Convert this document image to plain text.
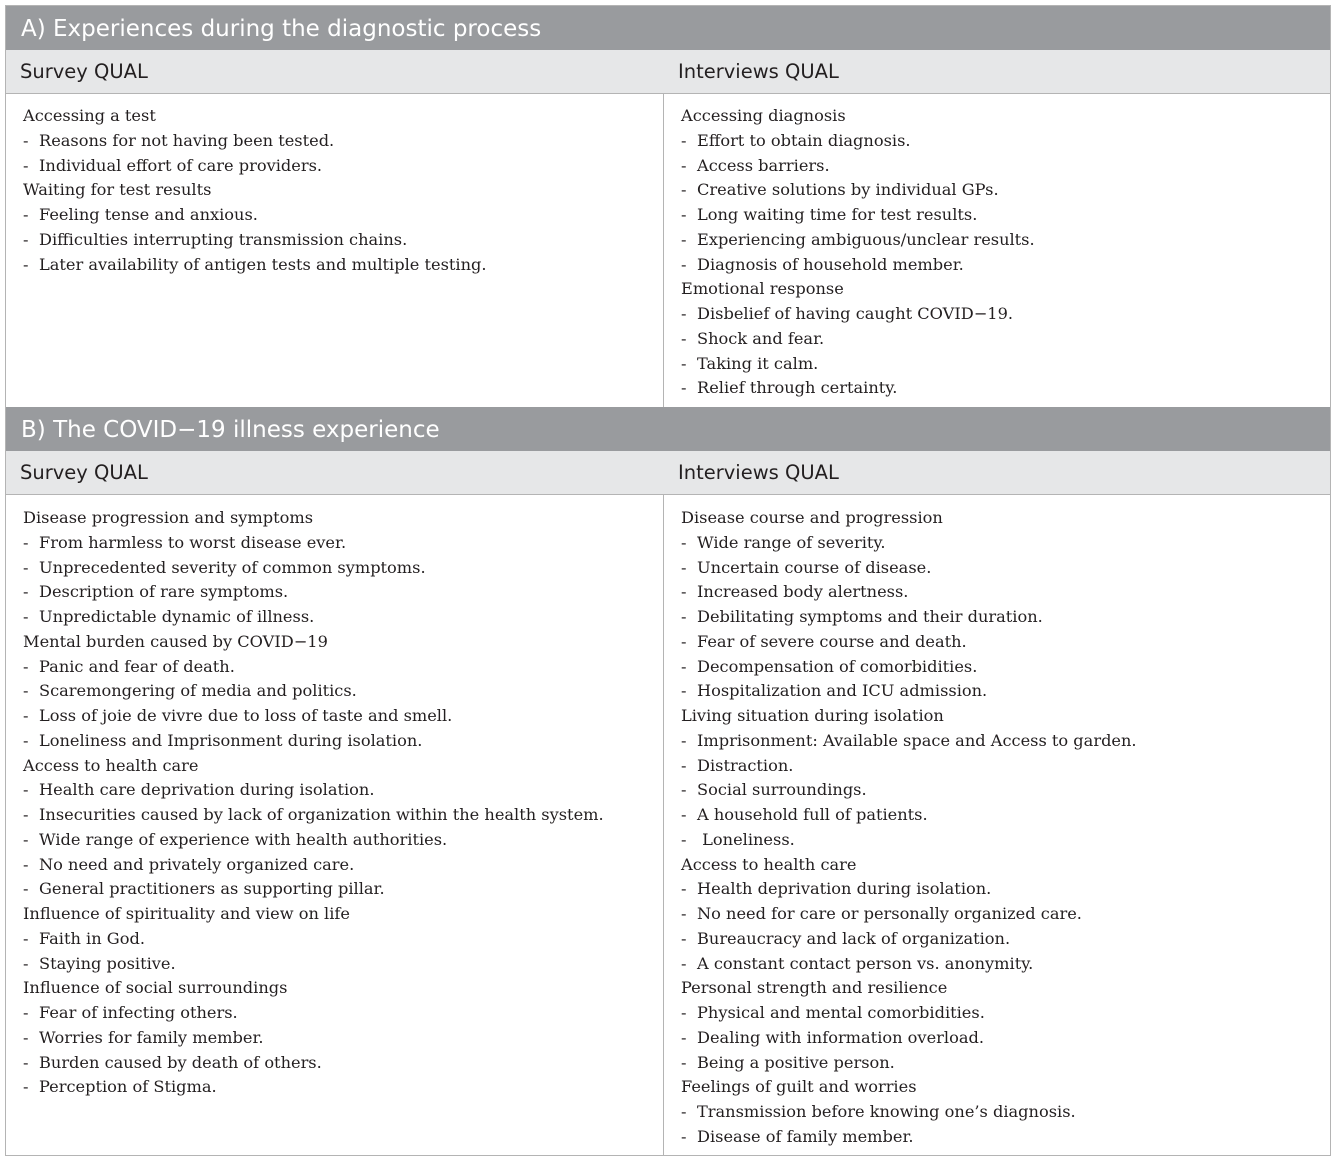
A) Experiences during the diagnostic process
Survey QUAL	Interviews QUAL
Accessing a test
- Reasons for not having been tested.
- Individual effort of care providers.
Waiting for test results
- Feeling tense and anxious.
- Difficulties interrupting transmission chains.
- Later availability of antigen tests and multiple testing.
Accessing diagnosis
- Effort to obtain diagnosis.
- Access barriers.
- Creative solutions by individual GPs.
- Long waiting time for test results.
- Experiencing ambiguous/unclear results.
- Diagnosis of household member.
Emotional response
- Disbelief of having caught COVID−19.
- Shock and fear.
- Taking it calm.
- Relief through certainty.
B) The COVID−19 illness experience
Survey QUAL	Interviews QUAL
Disease progression and symptoms
- From harmless to worst disease ever.
- Unprecedented severity of common symptoms.
- Description of rare symptoms.
- Unpredictable dynamic of illness.
Mental burden caused by COVID−19
- Panic and fear of death.
- Scaremongering of media and politics.
- Loss of joie de vivre due to loss of taste and smell.
- Loneliness and Imprisonment during isolation.
Access to health care
- Health care deprivation during isolation.
- Insecurities caused by lack of organization within the health system.
- Wide range of experience with health authorities.
- No need and privately organized care.
- General practitioners as supporting pillar.
Influence of spirituality and view on life
- Faith in God.
- Staying positive.
Influence of social surroundings
- Fear of infecting others.
- Worries for family member.
- Burden caused by death of others.
- Perception of Stigma.
Disease course and progression
- Wide range of severity.
- Uncertain course of disease.
- Increased body alertness.
- Debilitating symptoms and their duration.
- Fear of severe course and death.
- Decompensation of comorbidities.
- Hospitalization and ICU admission.
Living situation during isolation
- Imprisonment: Available space and Access to garden.
- Distraction.
- Social surroundings.
- A household full of patients.
- Loneliness.
Access to health care
- Health deprivation during isolation.
- No need for care or personally organized care.
- Bureaucracy and lack of organization.
- A constant contact person vs. anonymity.
Personal strength and resilience
- Physical and mental comorbidities.
- Dealing with information overload.
- Being a positive person.
Feelings of guilt and worries
- Transmission before knowing one’s diagnosis.
- Disease of family member.
